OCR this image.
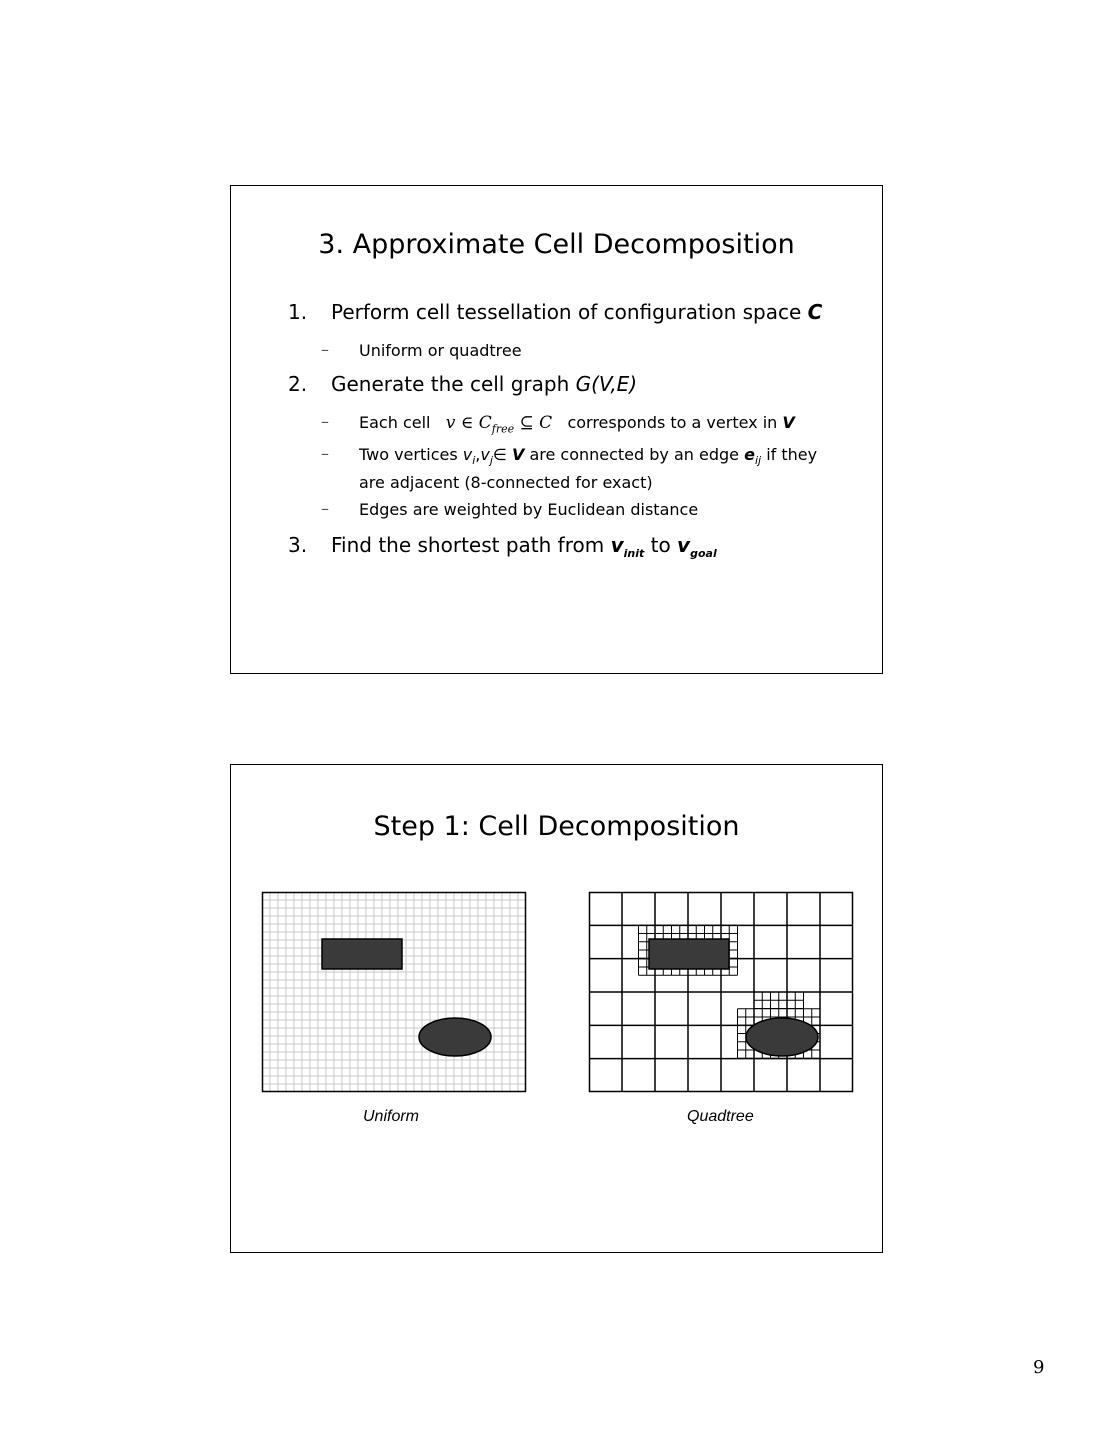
3. Approximate Cell Decomposition
1. Perform cell tessellation of configuration space C
– Uniform or quadtree
2. Generate the cell graph G(V,E)
– Each cell v ∈ $C_{free}$ ⊆ C corresponds to a vertex in V
– Two vertices $v_i,v_j\in$ V are connected by an edge $e_{ij}$ if they
are adjacent (8-connected for exact)
– Edges are weighted by Euclidean distance
3. Find the shortest path from $v_{init}$ to $v_{goal}$
Step 1: Cell Decomposition
Uniform	Quadtree
9
